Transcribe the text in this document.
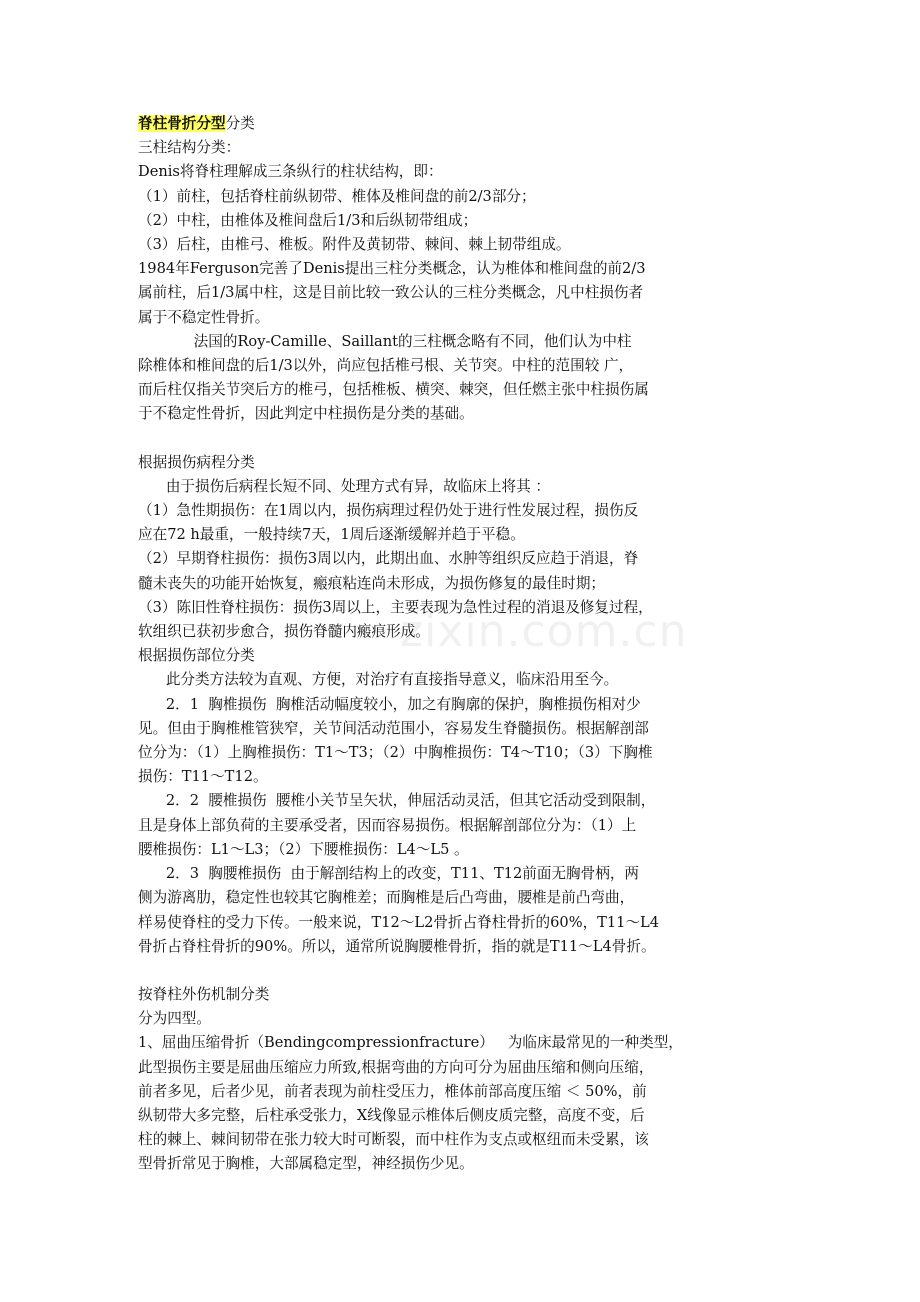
zixin.com.cn
脊柱骨折分型分类
三柱结构分类：
Denis将脊柱理解成三条纵行的柱状结构，即：
（1）前柱，包括脊柱前纵韧带、椎体及椎间盘的前2/3部分；
（2）中柱，由椎体及椎间盘后1/3和后纵韧带组成；
（3）后柱，由椎弓、椎板。附件及黄韧带、棘间、棘上韧带组成。
1984年Ferguson完善了Denis提出三柱分类概念，认为椎体和椎间盘的前2/3
属前柱，后1/3属中柱，这是目前比较一致公认的三柱分类概念，凡中柱损伤者
属于不稳定性骨折。
法国的Roy-Camille、Saillant的三柱概念略有不同，他们认为中柱
除椎体和椎间盘的后1/3以外，尚应包括椎弓根、关节突。中柱的范围较 广，
而后柱仅指关节突后方的椎弓，包括椎板、横突、棘突，但任燃主张中柱损伤属
于不稳定性骨折，因此判定中柱损伤是分类的基础。
根据损伤病程分类
由于损伤后病程长短不同、处理方式有异，故临床上将其 ：
（1）急性期损伤：在1周以内，损伤病理过程仍处于进行性发展过程，损伤反
应在72 h最重，一般持续7天，1周后逐渐缓解并趋于平稳。
（2）早期脊柱损伤：损伤3周以内，此期出血、水肿等组织反应趋于消退，脊
髓未丧失的功能开始恢复，瘢痕粘连尚未形成，为损伤修复的最佳时期；
（3）陈旧性脊柱损伤：损伤3周以上，主要表现为急性过程的消退及修复过程，
软组织已获初步愈合，损伤脊髓内瘢痕形成。
根据损伤部位分类
此分类方法较为直观、方便，对治疗有直接指导意义，临床沿用至今。
2．1  胸椎损伤  胸椎活动幅度较小，加之有胸廓的保护，胸椎损伤相对少
见。但由于胸椎椎管狭窄，关节间活动范围小，容易发生脊髓损伤。根据解剖部
位分为：（1）上胸椎损伤：T1～T3；（2）中胸椎损伤：T4～T10；（3）下胸椎
损伤：T11～T12。
2．2  腰椎损伤  腰椎小关节呈矢状，伸屈活动灵活，但其它活动受到限制，
且是身体上部负荷的主要承受者，因而容易损伤。根据解剖部位分为：（1）上
腰椎损伤：L1～L3；（2）下腰椎损伤：L4～L5 。
2．3  胸腰椎损伤  由于解剖结构上的改变，T11、T12前面无胸骨柄，两
侧为游离肋，稳定性也较其它胸椎差；而胸椎是后凸弯曲，腰椎是前凸弯曲，
样易使脊柱的受力下传。一般来说，T12～L2骨折占脊柱骨折的60%，T11～L4
骨折占脊柱骨折的90%。所以，通常所说胸腰椎骨折，指的就是T11～L4骨折。
按脊柱外伤机制分类
分为四型。
1、屈曲压缩骨折（Bendingcompressionfracture）   为临床最常见的一种类型，
此型损伤主要是屈曲压缩应力所致,根据弯曲的方向可分为屈曲压缩和侧向压缩，
前者多见，后者少见，前者表现为前柱受压力，椎体前部高度压缩 ＜ 50%，前
纵韧带大多完整，后柱承受张力，X线像显示椎体后侧皮质完整，高度不变，后
柱的棘上、棘间韧带在张力较大时可断裂，而中柱作为支点或枢纽而未受累，该
型骨折常见于胸椎，大部属稳定型，神经损伤少见。
